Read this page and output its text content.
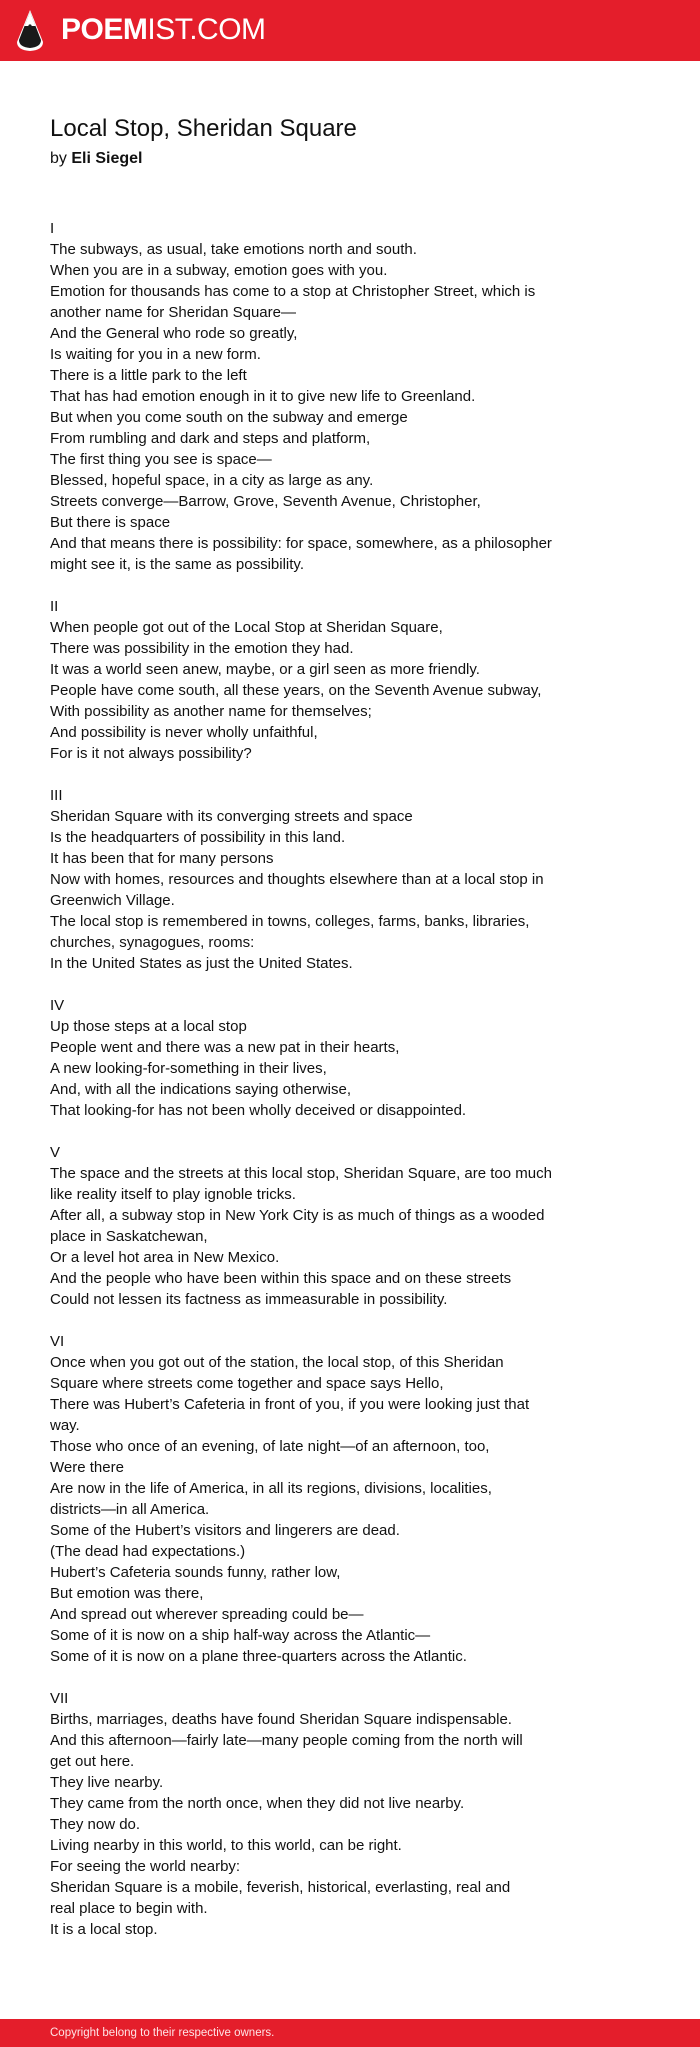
POEMIST.COM
Local Stop, Sheridan Square
by Eli Siegel
I
The subways, as usual, take emotions north and south.
When you are in a subway, emotion goes with you.
Emotion for thousands has come to a stop at Christopher Street, which is
another name for Sheridan Square—
And the General who rode so greatly,
Is waiting for you in a new form.
There is a little park to the left
That has had emotion enough in it to give new life to Greenland.
But when you come south on the subway and emerge
From rumbling and dark and steps and platform,
The first thing you see is space—
Blessed, hopeful space, in a city as large as any.
Streets converge—Barrow, Grove, Seventh Avenue, Christopher,
But there is space
And that means there is possibility: for space, somewhere, as a philosopher
might see it, is the same as possibility.
II
When people got out of the Local Stop at Sheridan Square,
There was possibility in the emotion they had.
It was a world seen anew, maybe, or a girl seen as more friendly.
People have come south, all these years, on the Seventh Avenue subway,
With possibility as another name for themselves;
And possibility is never wholly unfaithful,
For is it not always possibility?
III
Sheridan Square with its converging streets and space
Is the headquarters of possibility in this land.
It has been that for many persons
Now with homes, resources and thoughts elsewhere than at a local stop in
Greenwich Village.
The local stop is remembered in towns, colleges, farms, banks, libraries,
churches, synagogues, rooms:
In the United States as just the United States.
IV
Up those steps at a local stop
People went and there was a new pat in their hearts,
A new looking-for-something in their lives,
And, with all the indications saying otherwise,
That looking-for has not been wholly deceived or disappointed.
V
The space and the streets at this local stop, Sheridan Square, are too much
like reality itself to play ignoble tricks.
After all, a subway stop in New York City is as much of things as a wooded
place in Saskatchewan,
Or a level hot area in New Mexico.
And the people who have been within this space and on these streets
Could not lessen its factness as immeasurable in possibility.
VI
Once when you got out of the station, the local stop, of this Sheridan
Square where streets come together and space says Hello,
There was Hubert’s Cafeteria in front of you, if you were looking just that
way.
Those who once of an evening, of late night—of an afternoon, too,
Were there
Are now in the life of America, in all its regions, divisions, localities,
districts—in all America.
Some of the Hubert’s visitors and lingerers are dead.
(The dead had expectations.)
Hubert’s Cafeteria sounds funny, rather low,
But emotion was there,
And spread out wherever spreading could be—
Some of it is now on a ship half-way across the Atlantic—
Some of it is now on a plane three-quarters across the Atlantic.
VII
Births, marriages, deaths have found Sheridan Square indispensable.
And this afternoon—fairly late—many people coming from the north will
get out here.
They live nearby.
They came from the north once, when they did not live nearby.
They now do.
Living nearby in this world, to this world, can be right.
For seeing the world nearby:
Sheridan Square is a mobile, feverish, historical, everlasting, real and
real place to begin with.
It is a local stop.
Copyright belong to their respective owners.
